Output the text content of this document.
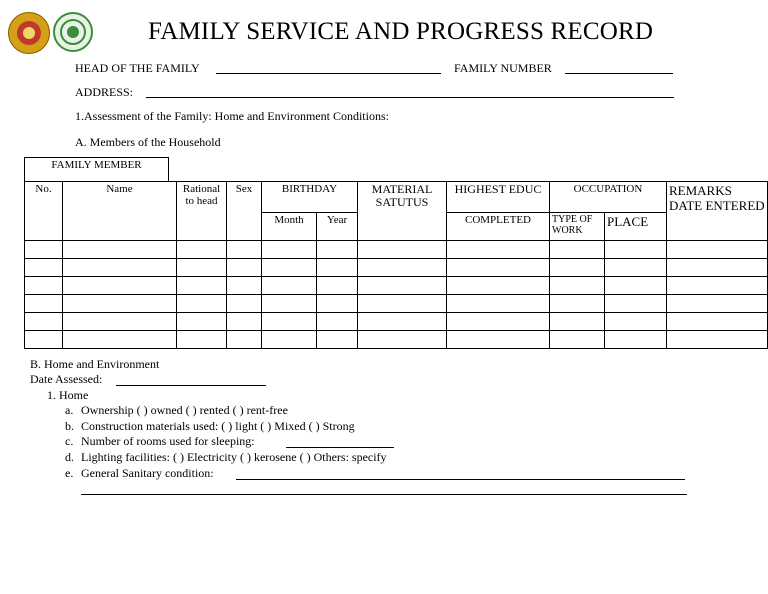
FAMILY SERVICE AND PROGRESS RECORD
HEAD OF THE FAMILY	FAMILY NUMBER
ADDRESS:
1.Assessment of the Family: Home and Environment Conditions:
A. Members of the Household
FAMILY MEMBER
No.	Name	Rational to head	Sex	BIRTHDAY		MATERIAL SATUTUS	HIGHEST EDUC	OCCUPATION		REMARKS DATE ENTERED
				Month	Year		COMPLETED	TYPE OF WORK	PLACE	

B. Home and Environment
Date Assessed:
1. Home
a. Ownership ( ) owned ( ) rented ( ) rent-free
b. Construction materials used: ( ) light ( ) Mixed ( ) Strong
c. Number of rooms used for sleeping:
d. Lighting facilities: ( ) Electricity ( ) kerosene ( ) Others: specify
e. General Sanitary condition:
